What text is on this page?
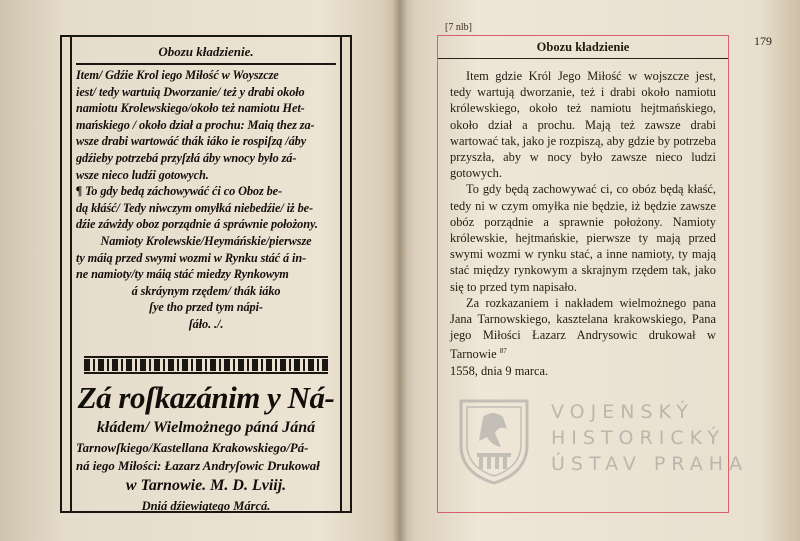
Obozu kładzienie.
Item/ Gdźie Krol iego Miłość w Woyszcze
iest/ tedy wartuią Dworzanie/ też y drabi około
namiotu Krolewskiego/około też namiotu Het-
mańskiego / około dział a prochu: Maią thez za-
wsze drabi wartowáć thák iáko ie rospiſzą /áby
gdźieby potrzebá przyſzłá áby wnocy było zá-
wsze nieco ludźi gotowych.
¶ To gdy bedą záchowywáć ći co Oboz be-
dą kłáść/ Tedy niwczym omyłká niebedźie/ iż be-
dźie záwżdy oboz porządnie á spráwnie położony.
Namioty Krolewskie/Heymáńskie/pierwsze
ty máią przed swymi wozmi w Rynku stáć á in-
ne namioty/ty máią stáć miedzy Rynkowym
á skráynym rzędem/ thák iáko
ſye tho przed tym nápi-
ſáło. ./.
Zá roſkazánim y Ná-
kłádem/ Wielmożnego páná Jáná
Tarnowſkiego/Kastellana Krakowskiego/Pá-
ná iego Miłości: Łazarz Andryſowic Drukował
w Tarnowie. M. D. Lviij.
Dniá dźiewiątego Márcá.
[7 nlb]
179
Obozu kładzienie

Item gdzie Król Jego Miłość w wojszcze jest, tedy wartują dworzanie, też i drabi około namiotu królewskiego, około też namiotu hejtmańskiego, około dział a prochu. Mają też zawsze drabi wartować tak, jako je rozpiszą, aby gdzie by potrzeba przyszła, aby w nocy było zawsze nieco ludzi gotowych.

To gdy będą zachowywać ci, co obóz będą kłaść, tedy ni w czym omyłka nie będzie, iż będzie zawsze obóz porządnie a sprawnie położony. Namioty królewskie, hejtmańskie, pierwsze ty mają przed swymi wozmi w rynku stać, a inne namioty, ty mają stać między rynkowym a skrajnym rzędem tak, jako się to przed tym napisało.

Za rozkazaniem i nakładem wielmożnego pana Jana Tarnowskiego, kasztelana krakowskiego, Pana jego Miłości Łazarz Andrysowic drukował w Tarnowie $^{87}$
1558, dnia 9 marca.

VOJENSKÝ
HISTORICKÝ
ÚSTAV PRAHA
